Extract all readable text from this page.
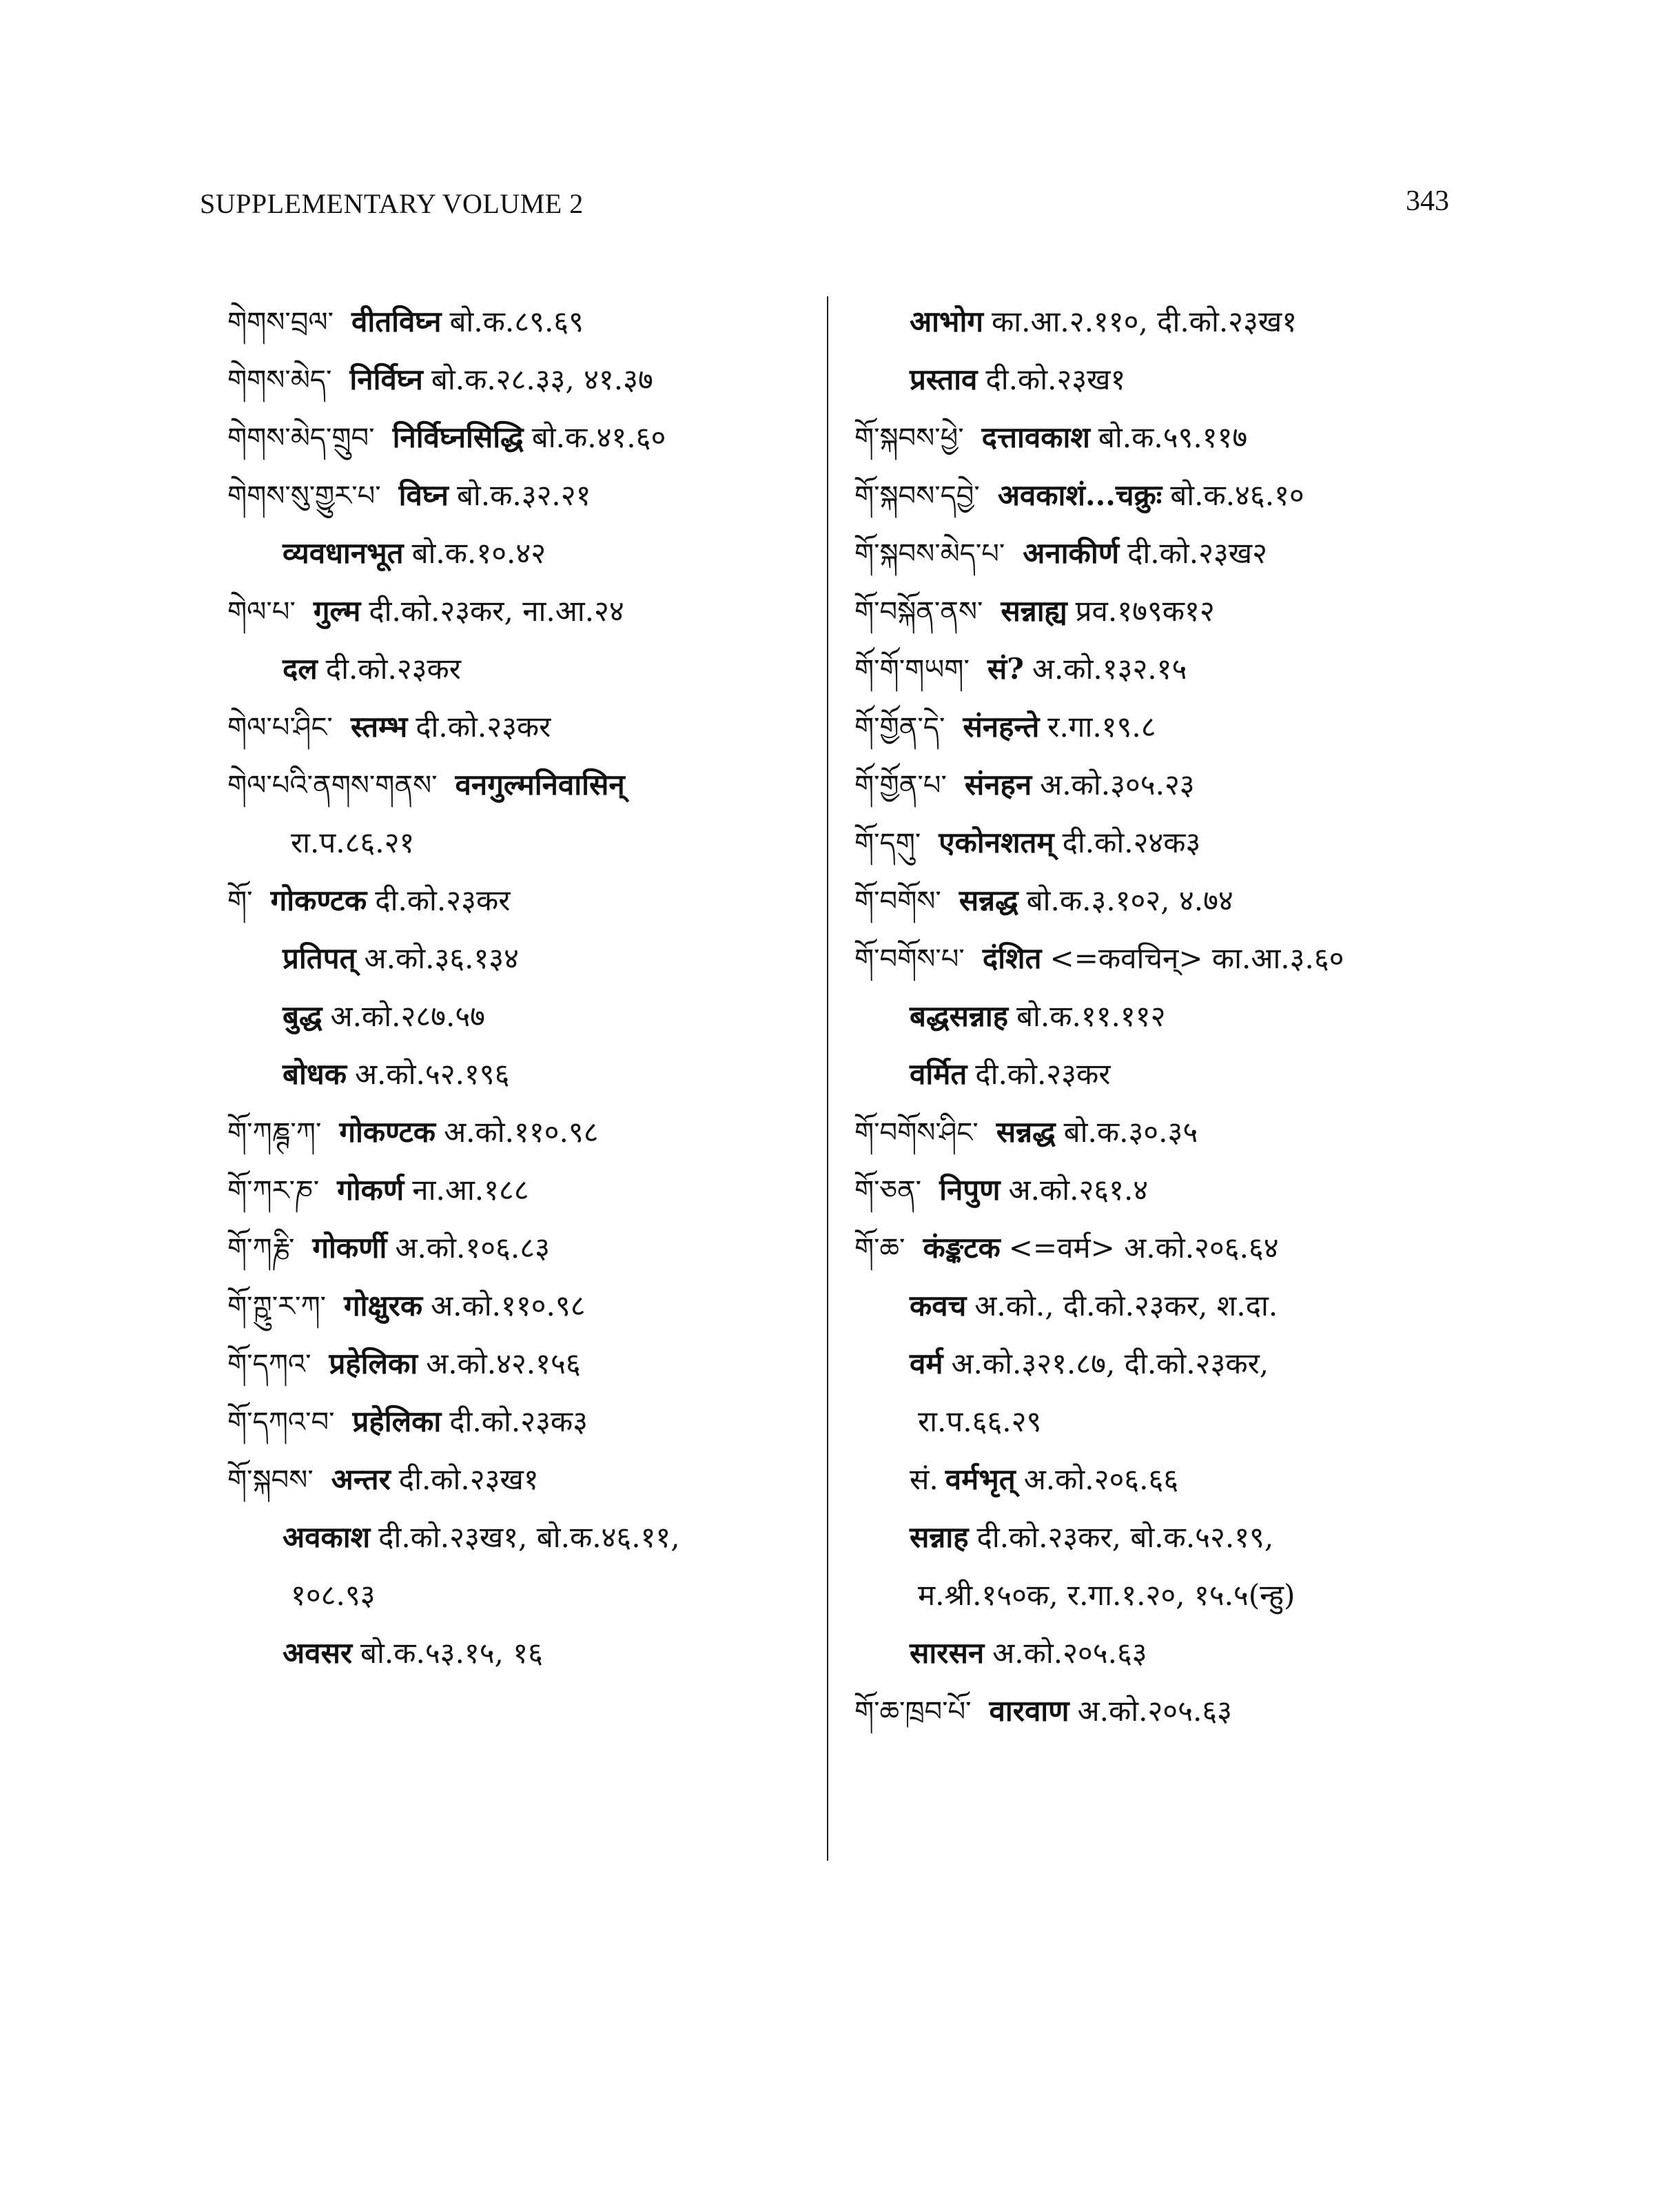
SUPPLEMENTARY VOLUME 2	343
གེགས་བྲལ་ वीतविघ्न बो.क.८९.६९
གེགས་མེད་ निर्विघ्न बो.क.२८.३३, ४१.३७
གེགས་མེད་གྲུབ་ निर्विघ्नसिद्धि बो.क.४१.६०
གེགས་སུ་གྱུར་པ་ विघ्न बो.क.३२.२१
व्यवधानभूत बो.क.१०.४२
གེལ་པ་ गुल्म दी.को.२३कर, ना.आ.२४
दल दी.को.२३कर
གེལ་པ་ཤིང་ स्तम्भ दी.को.२३कर
གེལ་པའི་ནགས་གནས་ वनगुल्मनिवासिन्
रा.प.८६.२१
གོ་ गोकण्टक दी.को.२३कर
प्रतिपत् अ.को.३६.१३४
बुद्ध अ.को.२८७.५७
बोधक अ.को.५२.१९६
གོ་ཀཎྚ་ཀ་ गोकण्टक अ.को.११०.९८
གོ་ཀར་ཎ་ गोकर्ण ना.आ.१८८
གོ་ཀརྞི་ गोकर्णी अ.को.१०६.८३
གོ་ཀྵུ་ར་ཀ་ गोक्षुरक अ.को.११०.९८
གོ་དཀའ་ प्रहेलिका अ.को.४२.१५६
གོ་དཀའ་བ་ प्रहेलिका दी.को.२३क३
གོ་སྐབས་ अन्तर दी.को.२३ख१
अवकाश दी.को.२३ख१, बो.क.४६.११,
१०८.९३
अवसर बो.क.५३.१५, १६
आभोग का.आ.२.११०, दी.को.२३ख१
प्रस्ताव दी.को.२३ख१
གོ་སྐབས་ཕྱེ་ दत्तावकाश बो.क.५९.११७
གོ་སྐབས་དབྱེ་ अवकाशं...चक्रुः बो.क.४६.१०
གོ་སྐབས་མེད་པ་ अनाकीर्ण दी.को.२३ख२
གོ་བསྐོན་ནས་ सन्नाह्य प्रव.१७९क१२
གོ་གོ་གཡག་ सं? अ.को.१३२.१५
གོ་གྱོན་དེ་ संनहन्ते र.गा.१९.८
གོ་གྱོན་པ་ संनहन अ.को.३०५.२३
གོ་དགུ་ एकोनशतम् दी.को.२४क३
གོ་བགོས་ सन्नद्ध बो.क.३.१०२, ४.७४
གོ་བགོས་པ་ दंशित <=कवचिन्> का.आ.३.६०
बद्धसन्नाह बो.क.११.११२
वर्मित दी.को.२३कर
གོ་བགོས་ཤིང་ सन्नद्ध बो.क.३०.३५
གོ་ཅན་ निपुण अ.को.२६१.४
གོ་ཆ་ कंङ्कटक <=वर्म> अ.को.२०६.६४
कवच अ.को., दी.को.२३कर, श.दा.
वर्म अ.को.३२१.८७, दी.को.२३कर,
रा.प.६६.२९
सं. वर्मभृत् अ.को.२०६.६६
सन्नाह दी.को.२३कर, बो.क.५२.१९,
म.श्री.१५०क, र.गा.१.२०, १५.५(न्हु)
सारसन अ.को.२०५.६३
གོ་ཆ་ཁྲབ་པོ་ वारवाण अ.को.२०५.६३
